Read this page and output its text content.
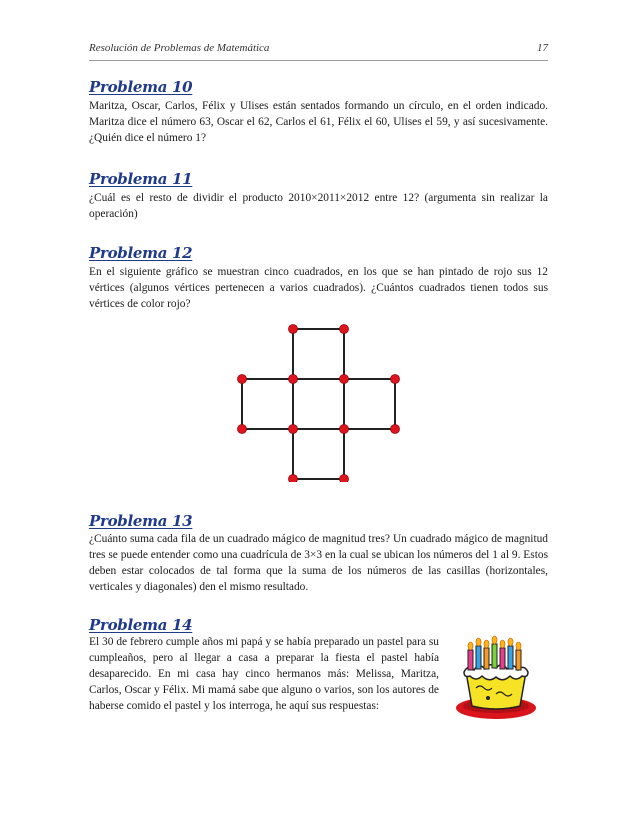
Resolución de Problemas de Matemática	17
Problema 10

Maritza, Oscar, Carlos, Félix y Ulises están sentados formando un círculo, en el orden indicado. Maritza dice el número 63, Oscar el 62, Carlos el 61, Félix el 60, Ulises el 59, y así sucesivamente. ¿Quién dice el número 1?

Problema 11

¿Cuál es el resto de dividir el producto 2010×2011×2012 entre 12? (argumenta sin realizar la operación)

Problema 12

En el siguiente gráfico se muestran cinco cuadrados, en los que se han pintado de rojo sus 12 vértices (algunos vértices pertenecen a varios cuadrados). ¿Cuántos cuadrados tienen todos sus vértices de color rojo?

Problema 13

¿Cuánto suma cada fila de un cuadrado mágico de magnitud tres? Un cuadrado mágico de magnitud tres se puede entender como una cuadrícula de 3×3 en la cual se ubican los números del 1 al 9. Estos deben estar colocados de tal forma que la suma de los números de las casillas (horizontales, verticales y diagonales) den el mismo resultado.

Problema 14

El 30 de febrero cumple años mi papá y se había preparado un pastel para su cumpleaños, pero al llegar a casa a preparar la fiesta el pastel había desaparecido. En mi casa hay cinco hermanos más: Melissa, Maritza, Carlos, Oscar y Félix. Mi mamá sabe que alguno o varios, son los autores de haberse comido el pastel y los interroga, he aquí sus respuestas:
